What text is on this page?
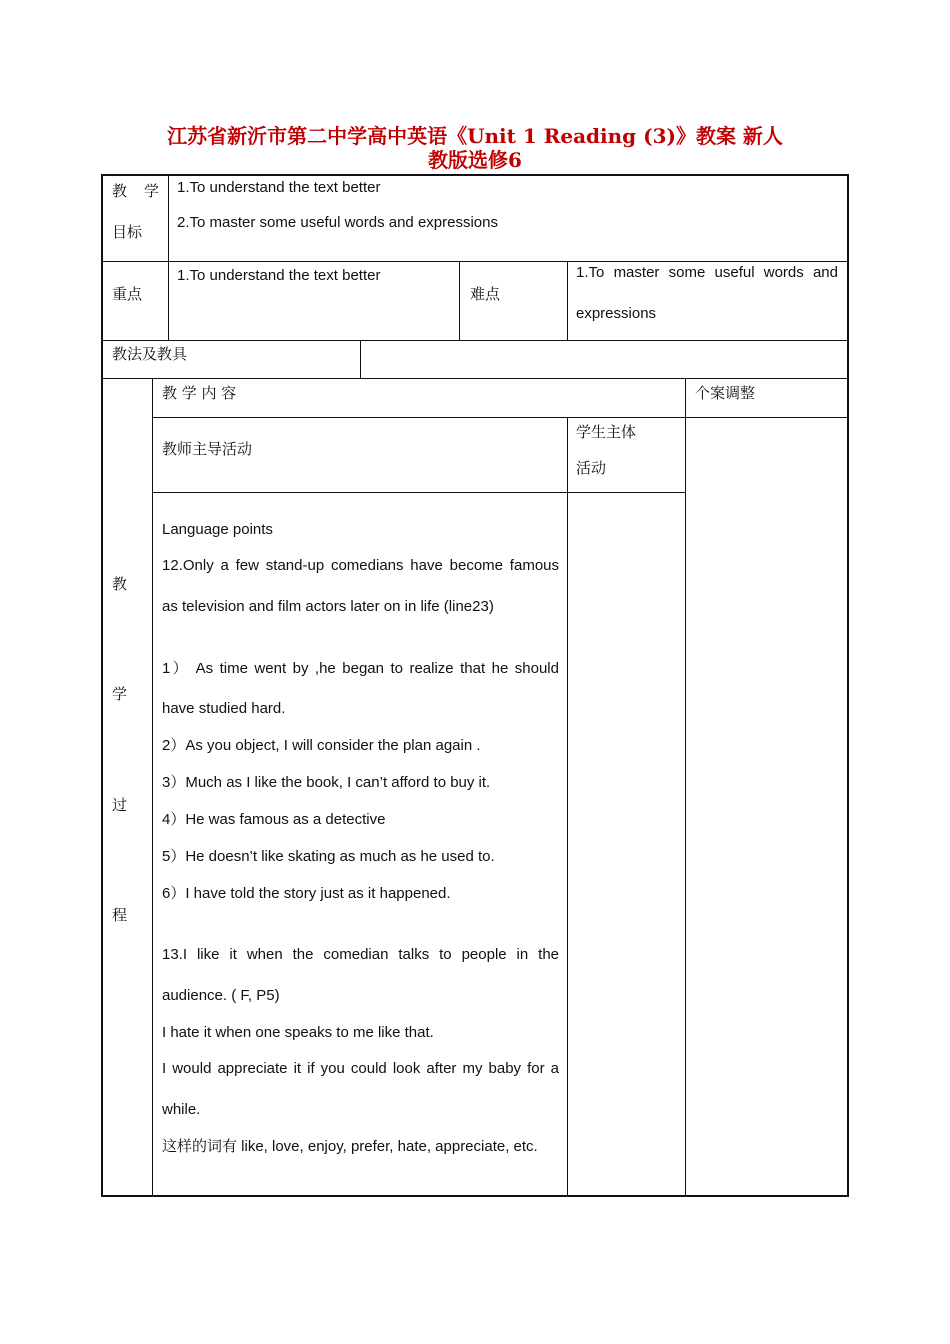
江苏省新沂市第二中学高中英语《Unit 1 Reading (3)》教案 新人
教版选修6
教 学
目标
1.To understand the text better
2.To master some useful words and expressions
重点
1.To understand the text better
难点
1.To master some useful words and
expressions
教法及教具
教
学
过
程
教 学 内 容	个案调整
教师主导活动
学生主体
活动
Language points
12.Only a few stand-up comedians have become famous
as television and film actors later on in life (line23)
1） As time went by ,he began to realize that he should
have studied hard.
2）As you object, I will consider the plan again .
3）Much as I like the book, I can’t afford to buy it.
4）He was famous as a detective
5）He doesn’t like skating as much as he used to.
6）I have told the story just as it happened.
13.I like it when the comedian talks to people in the
audience. ( F, P5)
I hate it when one speaks to me like that.
I would appreciate it if you could look after my baby for a
while.
这样的词有 like, love, enjoy, prefer, hate, appreciate, etc.
